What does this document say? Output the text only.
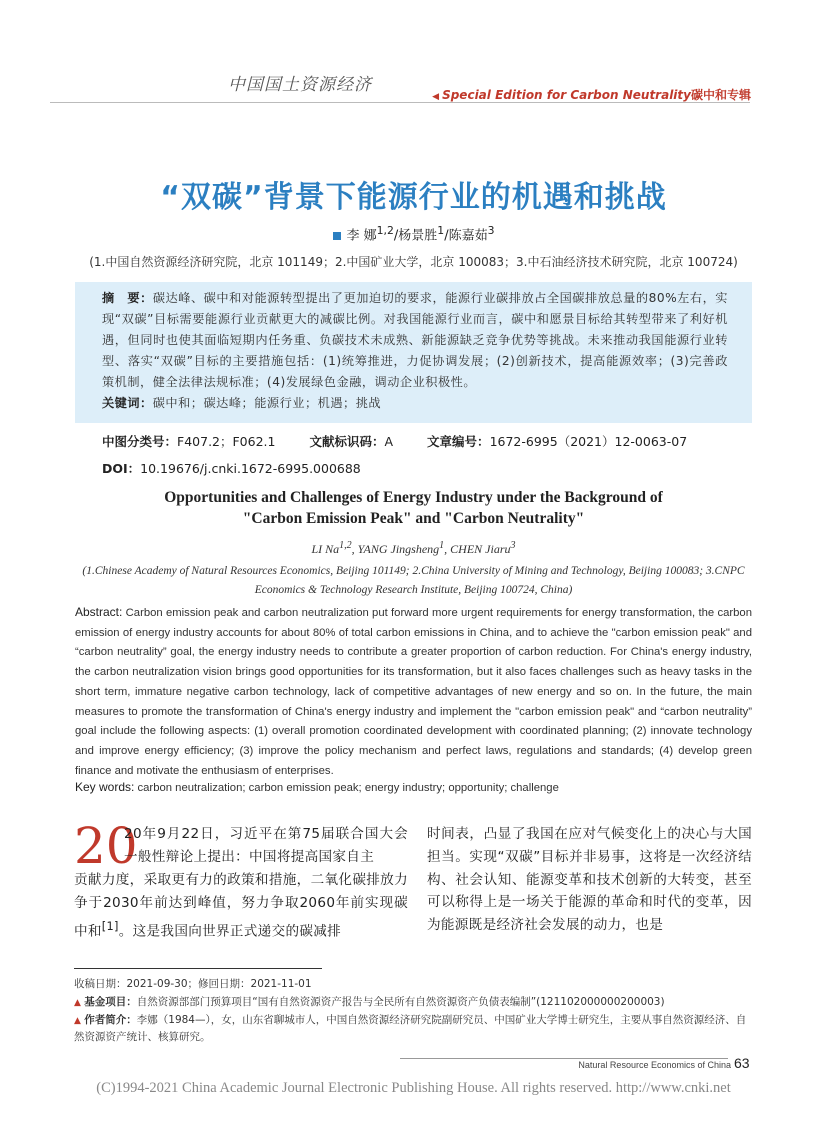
中国国土资源经济
◀ Special Edition for Carbon Neutrality碳中和专辑
“双碳”背景下能源行业的机遇和挑战
李 娜$^{1,2}$/杨景胜$^1$/陈嘉茹$^3$
(1.中国自然资源经济研究院，北京 101149；2.中国矿业大学，北京 100083；3.中石油经济技术研究院，北京 100724)
摘　要：碳达峰、碳中和对能源转型提出了更加迫切的要求，能源行业碳排放占全国碳排放总量的80%左右，实现“双碳”目标需要能源行业贡献更大的减碳比例。对我国能源行业而言，碳中和愿景目标给其转型带来了利好机遇，但同时也使其面临短期内任务重、负碳技术未成熟、新能源缺乏竞争优势等挑战。未来推动我国能源行业转型、落实“双碳”目标的主要措施包括：(1)统筹推进，力促协调发展；(2)创新技术，提高能源效率；(3)完善政策机制，健全法律法规标准；(4)发展绿色金融，调动企业积极性。
关键词：碳中和；碳达峰；能源行业；机遇；挑战
中图分类号：F407.2；F062.1	文献标识码：A	文章编号：1672-6995（2021）12-0063-07
DOI：10.19676/j.cnki.1672-6995.000688
Opportunities and Challenges of Energy Industry under the Background of
"Carbon Emission Peak" and "Carbon Neutrality"
LI Na$^{1,2}$, YANG Jingsheng$^1$, CHEN Jiaru$^3$
(1.Chinese Academy of Natural Resources Economics, Beijing 101149; 2.China University of Mining and Technology, Beijing 100083; 3.CNPC
Economics & Technology Research Institute, Beijing 100724, China)
Abstract: Carbon emission peak and carbon neutralization put forward more urgent requirements for energy transformation, the carbon emission of energy industry accounts for about 80% of total carbon emissions in China, and to achieve the "carbon emission peak" and “carbon neutrality” goal, the energy industry needs to contribute a greater proportion of carbon reduction. For China's energy industry, the carbon neutralization vision brings good opportunities for its transformation, but it also faces challenges such as heavy tasks in the short term, immature negative carbon technology, lack of competitive advantages of new energy and so on. In the future, the main measures to promote the transformation of China's energy industry and implement the "carbon emission peak" and “carbon neutrality” goal include the following aspects: (1) overall promotion coordinated development with coordinated planning; (2) innovate technology and improve energy efficiency; (3) improve the policy mechanism and perfect laws, regulations and standards; (4) develop green finance and motivate the enthusiasm of enterprises.
Key words: carbon neutralization; carbon emission peak; energy industry; opportunity; challenge
20
20年9月22日，习近平在第75届联合国大会一般性辩论上提出：中国将提高国家自主
贡献力度，采取更有力的政策和措施，二氧化碳排放力争于2030年前达到峰值，努力争取2060年前实现碳中和[1]。这是我国向世界正式递交的碳减排
时间表，凸显了我国在应对气候变化上的决心与大国担当。实现“双碳”目标并非易事，这将是一次经济结构、社会认知、能源变革和技术创新的大转变，甚至可以称得上是一场关于能源的革命和时代的变革，因为能源既是经济社会发展的动力，也是
收稿日期：2021-09-30；修回日期：2021-11-01
▲ 基金项目：自然资源部部门预算项目“国有自然资源资产报告与全民所有自然资源资产负债表编制”(121102000000200003)
▲ 作者简介：李娜（1984—），女，山东省聊城市人，中国自然资源经济研究院副研究员、中国矿业大学博士研究生，主要从事自然资源经济、自然资源资产统计、核算研究。
Natural Resource Economics of China 63
(C)1994-2021 China Academic Journal Electronic Publishing House. All rights reserved. http://www.cnki.net
